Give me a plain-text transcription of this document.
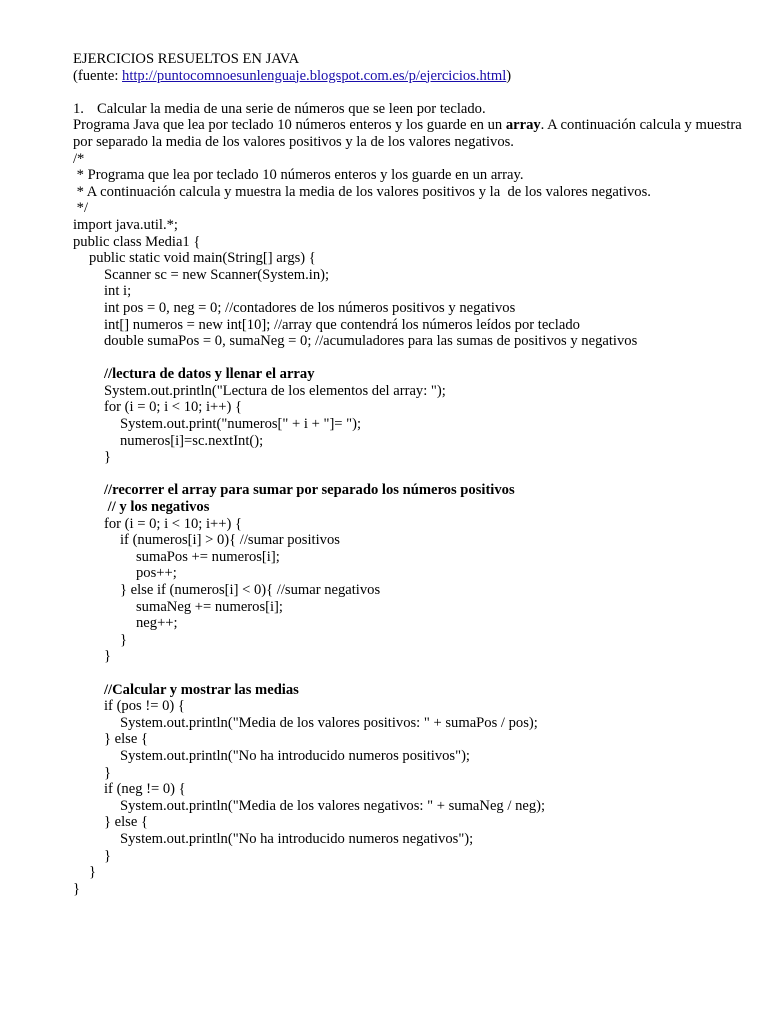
EJERCICIOS RESUELTOS EN JAVA
(fuente: http://puntocomnoesunlenguaje.blogspot.com.es/p/ejercicios.html)
1. Calcular la media de una serie de números que se leen por teclado.
Programa Java que lea por teclado 10 números enteros y los guarde en un array. A continuación calcula y muestra por separado la media de los valores positivos y la de los valores negativos.
/*
* Programa que lea por teclado 10 números enteros y los guarde en un array.
* A continuación calcula y muestra la media de los valores positivos y la  de los valores negativos.
*/
import java.util.*;
public class Media1 {
public static void main(String[] args) {
Scanner sc = new Scanner(System.in);
int i;
int pos = 0, neg = 0; //contadores de los números positivos y negativos
int[] numeros = new int[10]; //array que contendrá los números leídos por teclado
double sumaPos = 0, sumaNeg = 0; //acumuladores para las sumas de positivos y negativos
//lectura de datos y llenar el array
System.out.println("Lectura de los elementos del array: ");
for (i = 0; i < 10; i++) {
System.out.print("numeros[" + i + "]= ");
numeros[i]=sc.nextInt();
}
//recorrer el array para sumar por separado los números positivos
// y los negativos
for (i = 0; i < 10; i++) {
if (numeros[i] > 0){ //sumar positivos
sumaPos += numeros[i];
pos++;
} else if (numeros[i] < 0){ //sumar negativos
sumaNeg += numeros[i];
neg++;
}
}
//Calcular y mostrar las medias
if (pos != 0) {
System.out.println("Media de los valores positivos: " + sumaPos / pos);
} else {
System.out.println("No ha introducido numeros positivos");
}
if (neg != 0) {
System.out.println("Media de los valores negativos: " + sumaNeg / neg);
} else {
System.out.println("No ha introducido numeros negativos");
}
}
}
